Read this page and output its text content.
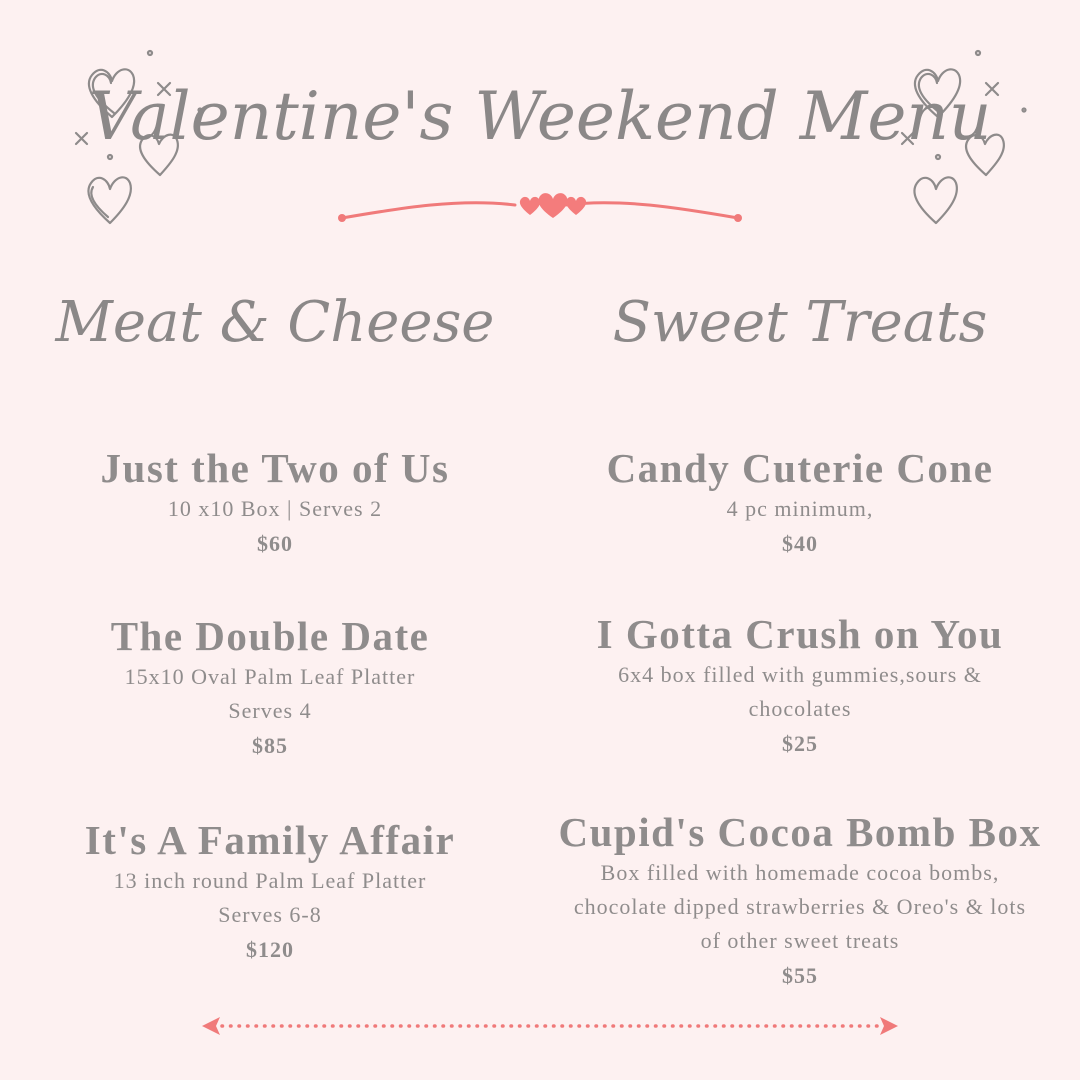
Valentine's Weekend Menu
Meat & Cheese	Sweet Treats
Just the Two of Us
10 x10 Box | Serves 2
$60
The Double Date
15x10 Oval Palm Leaf Platter
Serves 4
$85
It's A Family Affair
13 inch round Palm Leaf Platter
Serves 6-8
$120
Candy Cuterie Cone
4 pc minimum,
$40
I Gotta Crush on You
6x4 box filled with gummies,sours &
chocolates
$25
Cupid's Cocoa Bomb Box
Box filled with homemade cocoa bombs,
chocolate dipped strawberries & Oreo's & lots
of other sweet treats
$55
